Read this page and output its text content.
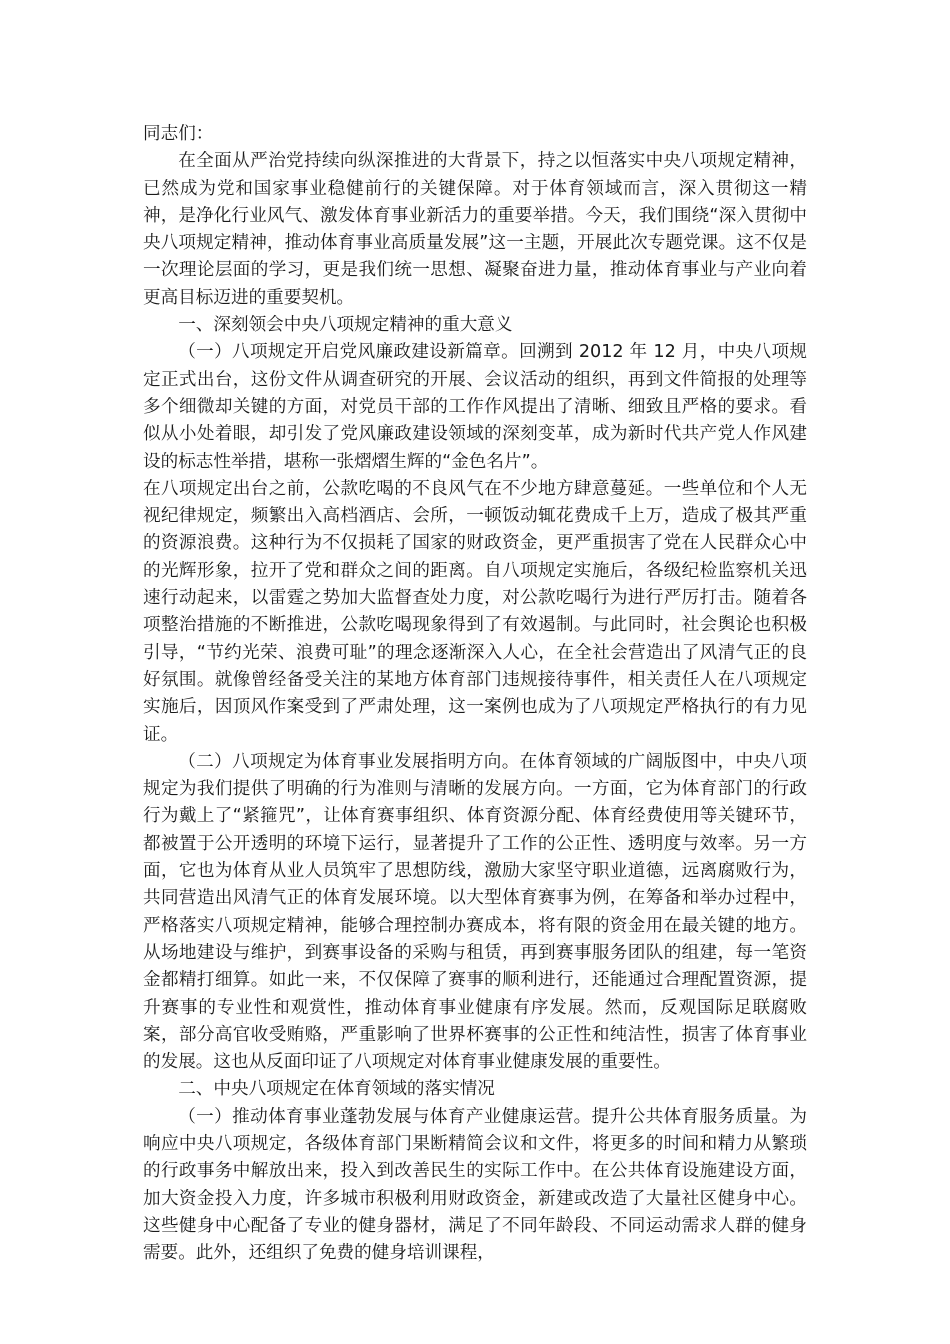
同志们：

在全面从严治党持续向纵深推进的大背景下，持之以恒落实中央八项规定精神，已然成为党和国家事业稳健前行的关键保障。对于体育领域而言，深入贯彻这一精神，是净化行业风气、激发体育事业新活力的重要举措。今天，我们围绕“深入贯彻中央八项规定精神，推动体育事业高质量发展”这一主题，开展此次专题党课。这不仅是一次理论层面的学习，更是我们统一思想、凝聚奋进力量，推动体育事业与产业向着更高目标迈进的重要契机。

一、深刻领会中央八项规定精神的重大意义

（一）八项规定开启党风廉政建设新篇章。回溯到 2012 年 12 月，中央八项规定正式出台，这份文件从调查研究的开展、会议活动的组织，再到文件简报的处理等多个细微却关键的方面，对党员干部的工作作风提出了清晰、细致且严格的要求。看似从小处着眼，却引发了党风廉政建设领域的深刻变革，成为新时代共产党人作风建设的标志性举措，堪称一张熠熠生辉的“金色名片”。

在八项规定出台之前，公款吃喝的不良风气在不少地方肆意蔓延。一些单位和个人无视纪律规定，频繁出入高档酒店、会所，一顿饭动辄花费成千上万，造成了极其严重的资源浪费。这种行为不仅损耗了国家的财政资金，更严重损害了党在人民群众心中的光辉形象，拉开了党和群众之间的距离。自八项规定实施后，各级纪检监察机关迅速行动起来，以雷霆之势加大监督查处力度，对公款吃喝行为进行严厉打击。随着各项整治措施的不断推进，公款吃喝现象得到了有效遏制。与此同时，社会舆论也积极引导，“节约光荣、浪费可耻”的理念逐渐深入人心，在全社会营造出了风清气正的良好氛围。就像曾经备受关注的某地方体育部门违规接待事件，相关责任人在八项规定实施后，因顶风作案受到了严肃处理，这一案例也成为了八项规定严格执行的有力见证。

（二）八项规定为体育事业发展指明方向。在体育领域的广阔版图中，中央八项规定为我们提供了明确的行为准则与清晰的发展方向。一方面，它为体育部门的行政行为戴上了“紧箍咒”，让体育赛事组织、体育资源分配、体育经费使用等关键环节，都被置于公开透明的环境下运行，显著提升了工作的公正性、透明度与效率。另一方面，它也为体育从业人员筑牢了思想防线，激励大家坚守职业道德，远离腐败行为，共同营造出风清气正的体育发展环境。以大型体育赛事为例，在筹备和举办过程中，严格落实八项规定精神，能够合理控制办赛成本，将有限的资金用在最关键的地方。从场地建设与维护，到赛事设备的采购与租赁，再到赛事服务团队的组建，每一笔资金都精打细算。如此一来，不仅保障了赛事的顺利进行，还能通过合理配置资源，提升赛事的专业性和观赏性，推动体育事业健康有序发展。然而，反观国际足联腐败案，部分高官收受贿赂，严重影响了世界杯赛事的公正性和纯洁性，损害了体育事业的发展。这也从反面印证了八项规定对体育事业健康发展的重要性。

二、中央八项规定在体育领域的落实情况

（一）推动体育事业蓬勃发展与体育产业健康运营。提升公共体育服务质量。为响应中央八项规定，各级体育部门果断精简会议和文件，将更多的时间和精力从繁琐的行政事务中解放出来，投入到改善民生的实际工作中。在公共体育设施建设方面，加大资金投入力度，许多城市积极利用财政资金，新建或改造了大量社区健身中心。这些健身中心配备了专业的健身器材，满足了不同年龄段、不同运动需求人群的健身需要。此外，还组织了免费的健身培训课程，
